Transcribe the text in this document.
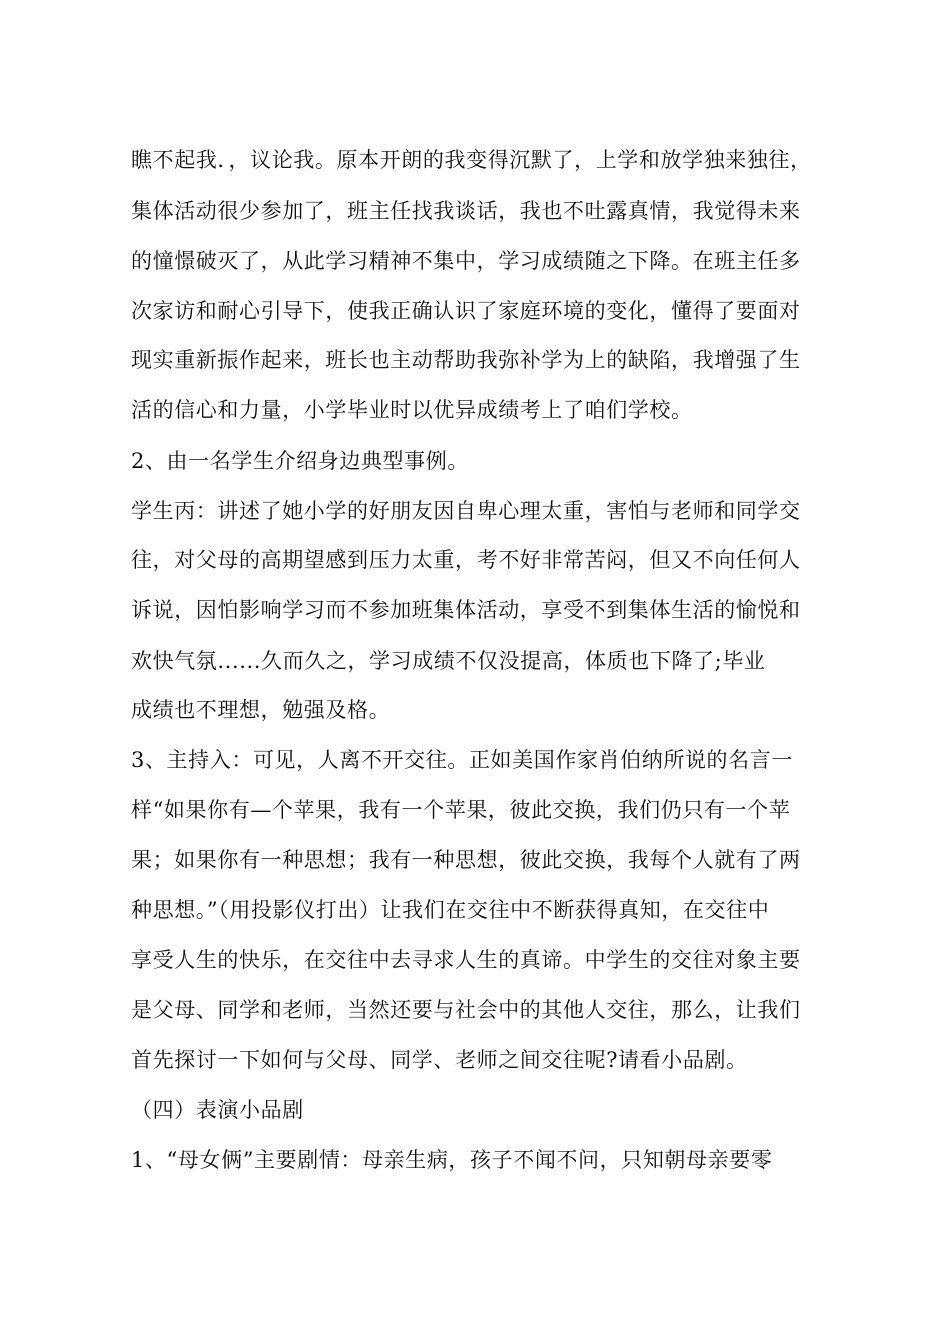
瞧不起我．，议论我。原本开朗的我变得沉默了，上学和放学独来独往，
集体活动很少参加了，班主任找我谈话，我也不吐露真情，我觉得未来
的憧憬破灭了，从此学习精神不集中，学习成绩随之下降。在班主任多
次家访和耐心引导下，使我正确认识了家庭环境的变化，懂得了要面对
现实重新振作起来，班长也主动帮助我弥补学为上的缺陷，我增强了生
活的信心和力量，小学毕业时以优异成绩考上了咱们学校。
2、由一名学生介绍身边典型事例。
学生丙：讲述了她小学的好朋友因自卑心理太重，害怕与老师和同学交
往，对父母的高期望感到压力太重，考不好非常苦闷，但又不向任何人
诉说，因怕影响学习而不参加班集体活动，享受不到集体生活的愉悦和
欢快气氛......久而久之，学习成绩不仅没提高，体质也下降了;毕业
成绩也不理想，勉强及格。
3、主持入：可见，人离不开交往。正如美国作家肖伯纳所说的名言一
样“如果你有—个苹果，我有一个苹果，彼此交换，我们仍只有一个苹
果；如果你有一种思想；我有一种思想，彼此交换，我每个人就有了两
种思想。”（用投影仪打出）让我们在交往中不断获得真知，在交往中
享受人生的快乐，在交往中去寻求人生的真谛。中学生的交往对象主要
是父母、同学和老师，当然还要与社会中的其他人交往，那么，让我们
首先探讨一下如何与父母、同学、老师之间交往呢?请看小品剧。
（四）表演小品剧
1、“母女俩”主要剧情：母亲生病，孩子不闻不问，只知朝母亲要零
